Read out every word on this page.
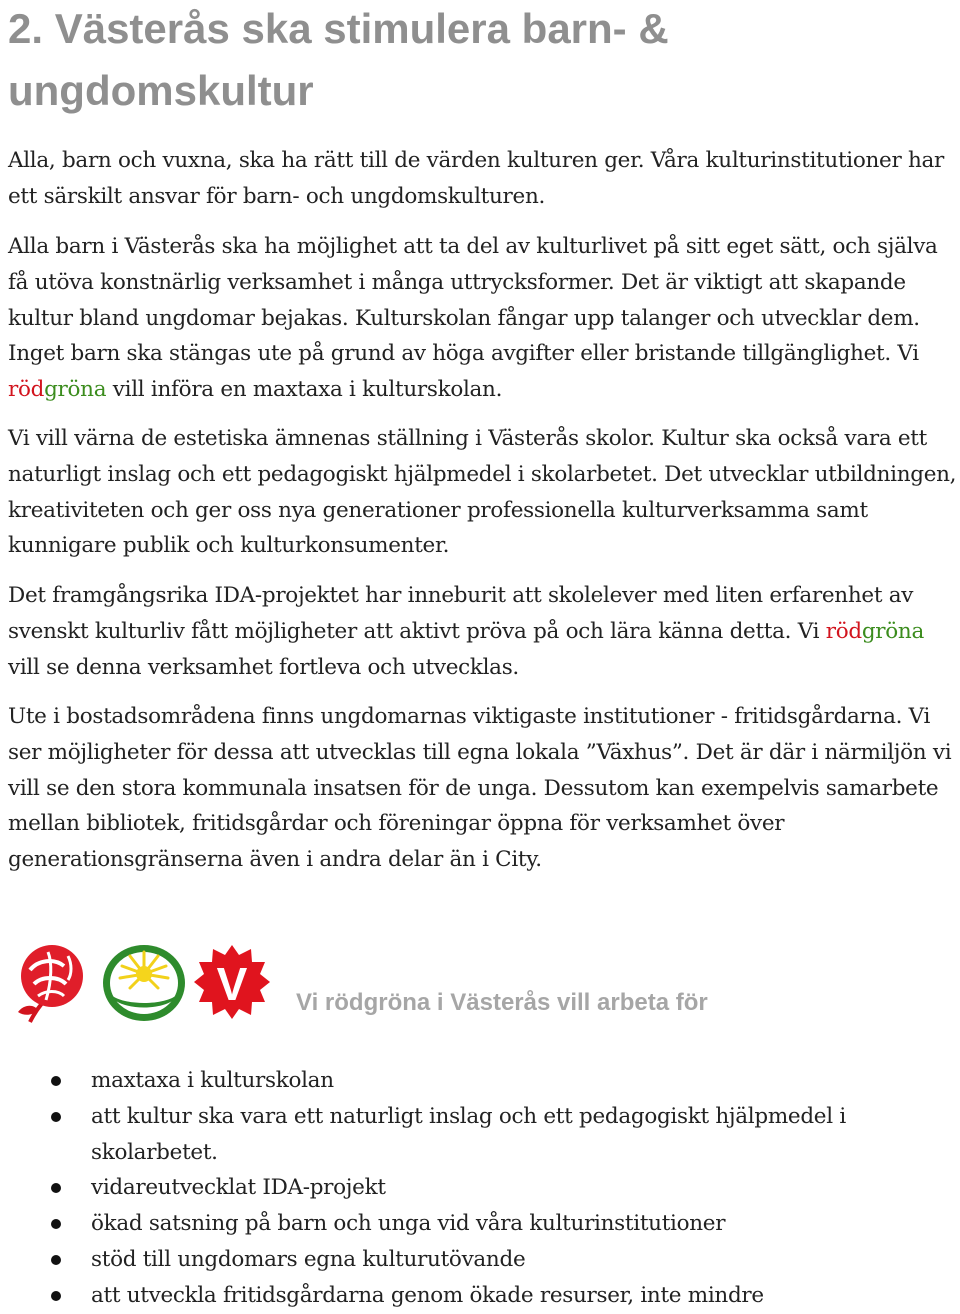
2. Västerås ska stimulera barn- & ungdomskultur

Alla, barn och vuxna, ska ha rätt till de värden kulturen ger. Våra kulturinstitutioner har ett särskilt ansvar för barn- och ungdomskulturen.

Alla barn i Västerås ska ha möjlighet att ta del av kulturlivet på sitt eget sätt, och själva få utöva konstnärlig verksamhet i många uttrycksformer. Det är viktigt att skapande kultur bland ungdomar bejakas. Kulturskolan fångar upp talanger och utvecklar dem. Inget barn ska stängas ute på grund av höga avgifter eller bristande tillgänglighet. Vi rödgröna vill införa en maxtaxa i kulturskolan.

Vi vill värna de estetiska ämnenas ställning i Västerås skolor. Kultur ska också vara ett naturligt inslag och ett pedagogiskt hjälpmedel i skolarbetet. Det utvecklar utbildningen, kreativiteten och ger oss nya generationer professionella kulturverksamma samt kunnigare publik och kulturkonsumenter.

Det framgångsrika IDA-projektet har inneburit att skolelever med liten erfarenhet av svenskt kulturliv fått möjligheter att aktivt pröva på och lära känna detta. Vi rödgröna vill se denna verksamhet fortleva och utvecklas.

Ute i bostadsområdena finns ungdomarnas viktigaste institutioner - fritidsgårdarna. Vi ser möjligheter för dessa att utvecklas till egna lokala ”Växhus”. Det är där i närmiljön vi vill se den stora kommunala insatsen för de unga. Dessutom kan exempelvis samarbete mellan bibliotek, fritidsgårdar och föreningar öppna för verksamhet över generationsgränserna även i andra delar än i City.

V Vi rödgröna i Västerås vill arbeta för

maxtaxa i kulturskolan
att kultur ska vara ett naturligt inslag och ett pedagogiskt hjälpmedel i skolarbetet.
vidareutvecklat IDA-projekt
ökad satsning på barn och unga vid våra kulturinstitutioner
stöd till ungdomars egna kulturutövande
att utveckla fritidsgårdarna genom ökade resurser, inte mindre
